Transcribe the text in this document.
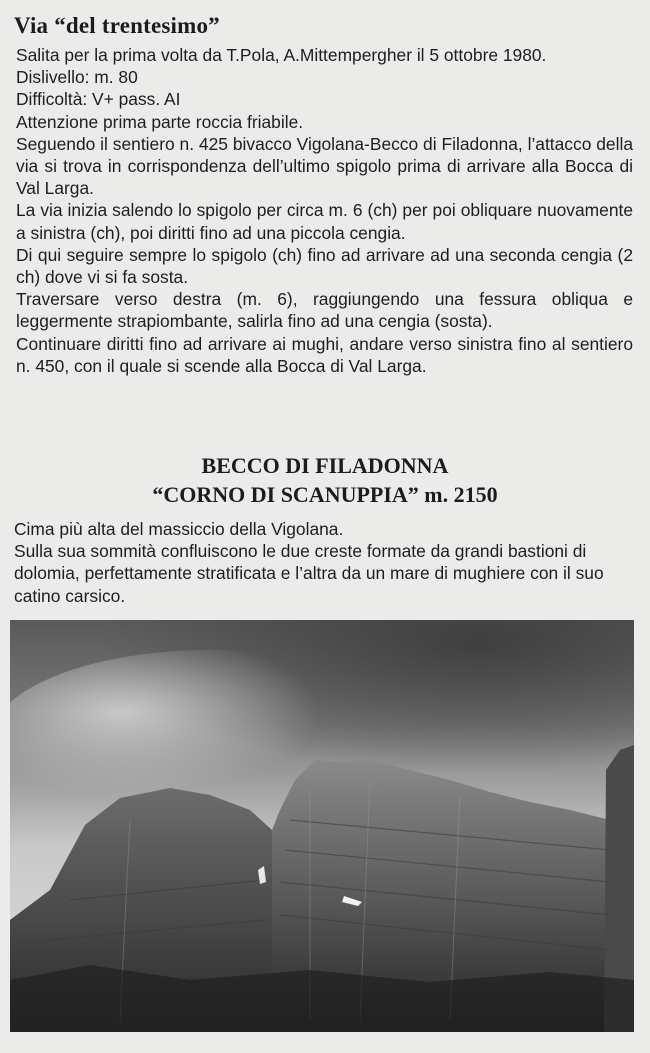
Via “del trentesimo”

Salita per la prima volta da T.Pola, A.Mittempergher il 5 ottobre 1980.

Dislivello: m. 80

Difficoltà: V+ pass. AI

Attenzione prima parte roccia friabile.

Seguendo il sentiero n. 425 bivacco Vigolana-Becco di Filadonna, l’attacco della via si trova in corrispondenza dell’ultimo spigolo prima di arrivare alla Bocca di Val Larga.

La via inizia salendo lo spigolo per circa m. 6 (ch) per poi obliquare nuovamente a sinistra (ch), poi diritti fino ad una piccola cengia.

Di qui seguire sempre lo spigolo (ch) fino ad arrivare ad una seconda cengia (2 ch) dove vi si fa sosta.

Traversare verso destra (m. 6), raggiungendo una fessura obliqua e leggermente strapiombante, salirla fino ad una cengia (sosta).

Continuare diritti fino ad arrivare ai mughi, andare verso sinistra fino al sentiero n. 450, con il quale si scende alla Bocca di Val Larga.

BECCO DI FILADONNA
“CORNO DI SCANUPPIA” m. 2150

Cima più alta del massiccio della Vigolana.

Sulla sua sommità confluiscono le due creste formate da grandi bastioni di dolomia, perfettamente stratificata e l’altra da un mare di mughiere con il suo catino carsico.
